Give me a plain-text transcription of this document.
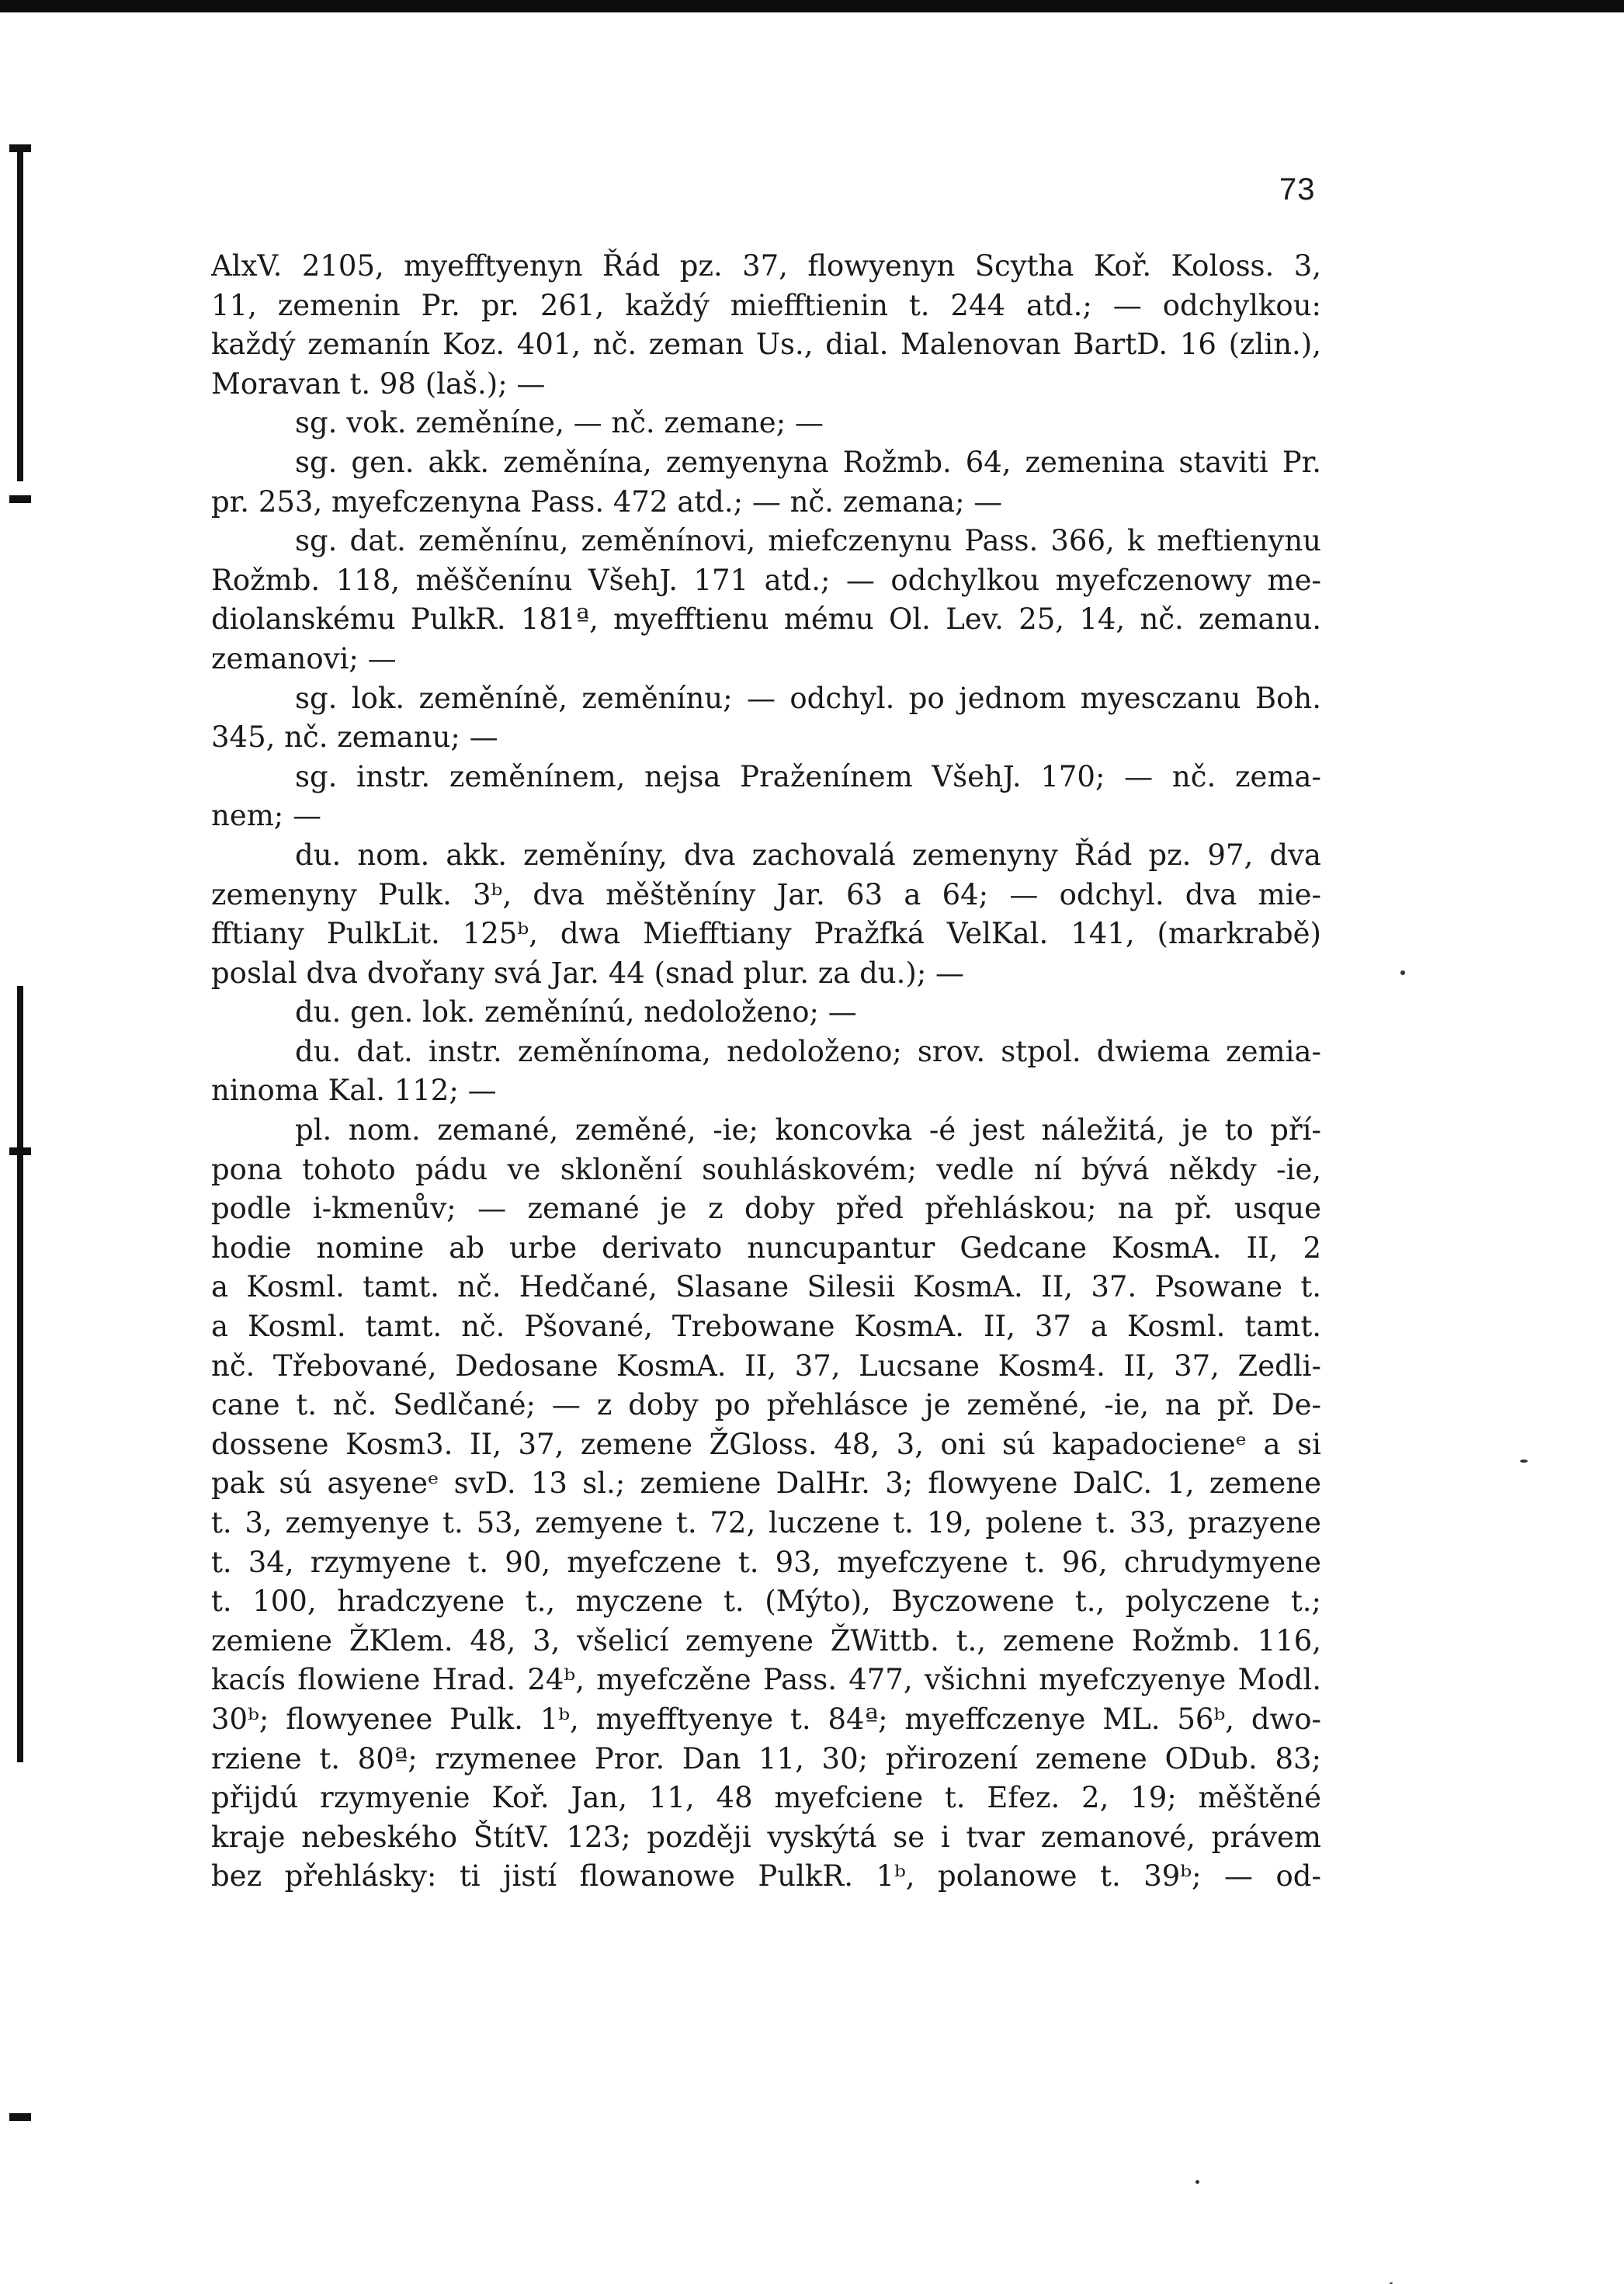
73
AlxV. 2105, myefftyenyn Řád pz. 37, flowyenyn Scytha Koř. Koloss. 3,
11, zemenin Pr. pr. 261, každý miefftienin t. 244 atd.; — odchylkou:
každý zemanín Koz. 401, nč. zeman Us., dial. Malenovan BartD. 16 (zlin.),
Moravan t. 98 (laš.); —
sg. vok. zeměníne, — nč. zemane; —
sg. gen. akk. zeměnína, zemyenyna Rožmb. 64, zemenina staviti Pr.
pr. 253, myefczenyna Pass. 472 atd.; — nč. zemana; —
sg. dat. zeměnínu, zeměnínovi, miefczenynu Pass. 366, k meftienynu
Rožmb. 118, měščenínu VšehJ. 171 atd.; — odchylkou myefczenowy me-
diolanskému PulkR. 181ª, myefftienu mému Ol. Lev. 25, 14, nč. zemanu.
zemanovi; —
sg. lok. zeměníně, zeměnínu; — odchyl. po jednom myesczanu Boh.
345, nč. zemanu; —
sg. instr. zeměnínem, nejsa Praženínem VšehJ. 170; — nč. zema-
nem; —
du. nom. akk. zeměníny, dva zachovalá zemenyny Řád pz. 97, dva
zemenyny Pulk. 3ᵇ, dva měštěníny Jar. 63 a 64; — odchyl. dva mie-
fftiany PulkLit. 125ᵇ, dwa Miefftiany Pražfká VelKal. 141, (markrabě)
poslal dva dvořany svá Jar. 44 (snad plur. za du.); —
du. gen. lok. zeměnínú, nedoloženo; —
du. dat. instr. zeměnínoma, nedoloženo; srov. stpol. dwiema zemia-
ninoma Kal. 112; —
pl. nom. zemané, zeměné, -ie; koncovka -é jest náležitá, je to pří-
pona tohoto pádu ve sklonění souhláskovém; vedle ní bývá někdy -ie,
podle i-kmenův; — zemané je z doby před přehláskou; na př. usque
hodie nomine ab urbe derivato nuncupantur Gedcane KosmA. II, 2
a Kosml. tamt. nč. Hedčané, Slasane Silesii KosmA. II, 37. Psowane t.
a Kosml. tamt. nč. Pšované, Trebowane KosmA. II, 37 a Kosml. tamt.
nč. Třebované, Dedosane KosmA. II, 37, Lucsane Kosm4. II, 37, Zedli-
cane t. nč. Sedlčané; — z doby po přehlásce je zeměné, -ie, na př. De-
dossene Kosm3. II, 37, zemene ŽGloss. 48, 3, oni sú kapadocieneᵉ a si
pak sú asyeneᵉ svD. 13 sl.; zemiene DalHr. 3; flowyene DalC. 1, zemene
t. 3, zemyenye t. 53, zemyene t. 72, luczene t. 19, polene t. 33, prazyene
t. 34, rzymyene t. 90, myefczene t. 93, myefczyene t. 96, chrudymyene
t. 100, hradczyene t., myczene t. (Mýto), Byczowene t., polyczene t.;
zemiene ŽKlem. 48, 3, všelicí zemyene ŽWittb. t., zemene Rožmb. 116,
kacís flowiene Hrad. 24ᵇ, myefczěne Pass. 477, všichni myefczyenye Modl.
30ᵇ; flowyenee Pulk. 1ᵇ, myefftyenye t. 84ª; myeffczenye ML. 56ᵇ, dwo-
rziene t. 80ª; rzymenee Pror. Dan 11, 30; přirození zemene ODub. 83;
přijdú rzymyenie Koř. Jan, 11, 48 myefciene t. Efez. 2, 19; měštěné
kraje nebeského ŠtítV. 123; později vyskýtá se i tvar zemanové, právem
bez přehlásky: ti jistí flowanowe PulkR. 1ᵇ, polanowe t. 39ᵇ; — od-
